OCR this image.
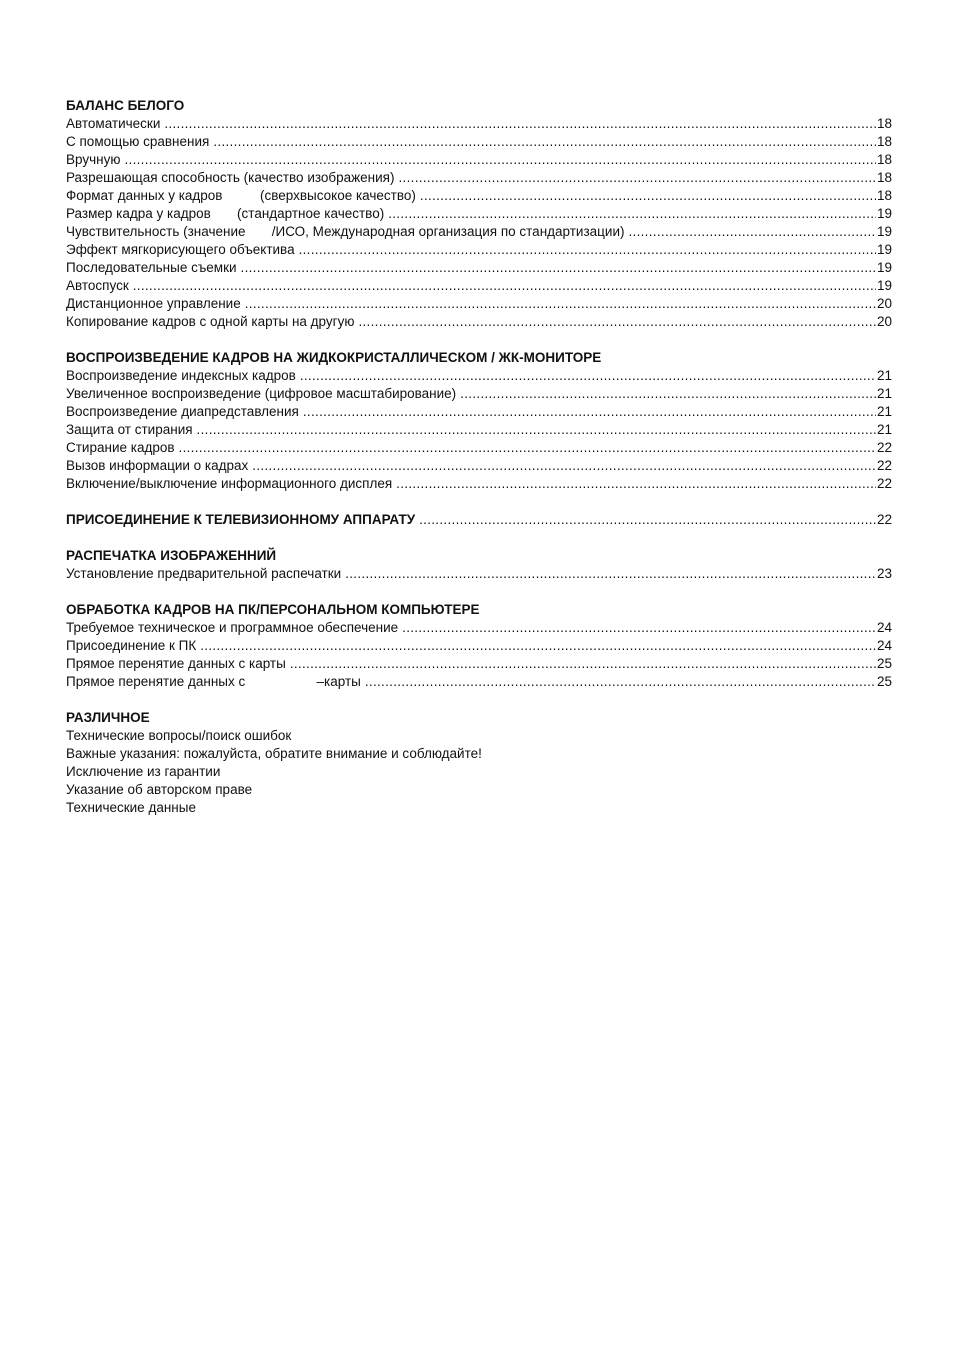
БАЛАНС БЕЛОГО
Автоматически .....	18
С помощью сравнения .....	18
Вручную .....	18
Разрешающая способность (качество изображения) .....	18
Формат данных у кадров          (сверхвысокое качество) .....	18
Размер кадра у кадров       (стандартное качество) .....	19
Чувствительность (значение       /ИСО, Международная организация по стандартизации) .....	19
Эффект мягкорисующего объектива .....	19
Последовательные съемки .....	19
Автоспуск .....	19
Дистанционное управление .....	20
Копирование кадров с одной карты на другую .....	20
ВОСПРОИЗВЕДЕНИЕ КАДРОВ НА ЖИДКОКРИСТАЛЛИЧЕСКОМ / ЖК-МОНИТОРЕ
Воспроизведение индексных кадров .....	21
Увеличенное воспроизведение (цифровое масштабирование) .....	21
Воспроизведение диапредставления .....	21
Защита от стирания .....	21
Стирание кадров .....	22
Вызов информации о кадрах .....	22
Включение/выключение информационного дисплея .....	22
ПРИСОЕДИНЕНИЕ К ТЕЛЕВИЗИОННОМУ АППАРАТУ .....	22
РАСПЕЧАТКА ИЗОБРАЖЕННИЙ
Установление предварительной распечатки .....	23
ОБРАБОТКА КАДРОВ НА ПК/ПЕРСОНАЛЬНОМ КОМПЬЮТЕРЕ
Требуемое техническое и программное обеспечение .....	24
Присоединение к ПК .....	24
Прямое перенятие данных с карты .....	25
Прямое перенятие данных с                   –карты .....	25
РАЗЛИЧНОЕ
Технические вопросы/поиск ошибок
Важные указания: пожалуйста, обратите внимание и соблюдайте!
Исключение из гарантии
Указание об авторском праве
Технические данные
